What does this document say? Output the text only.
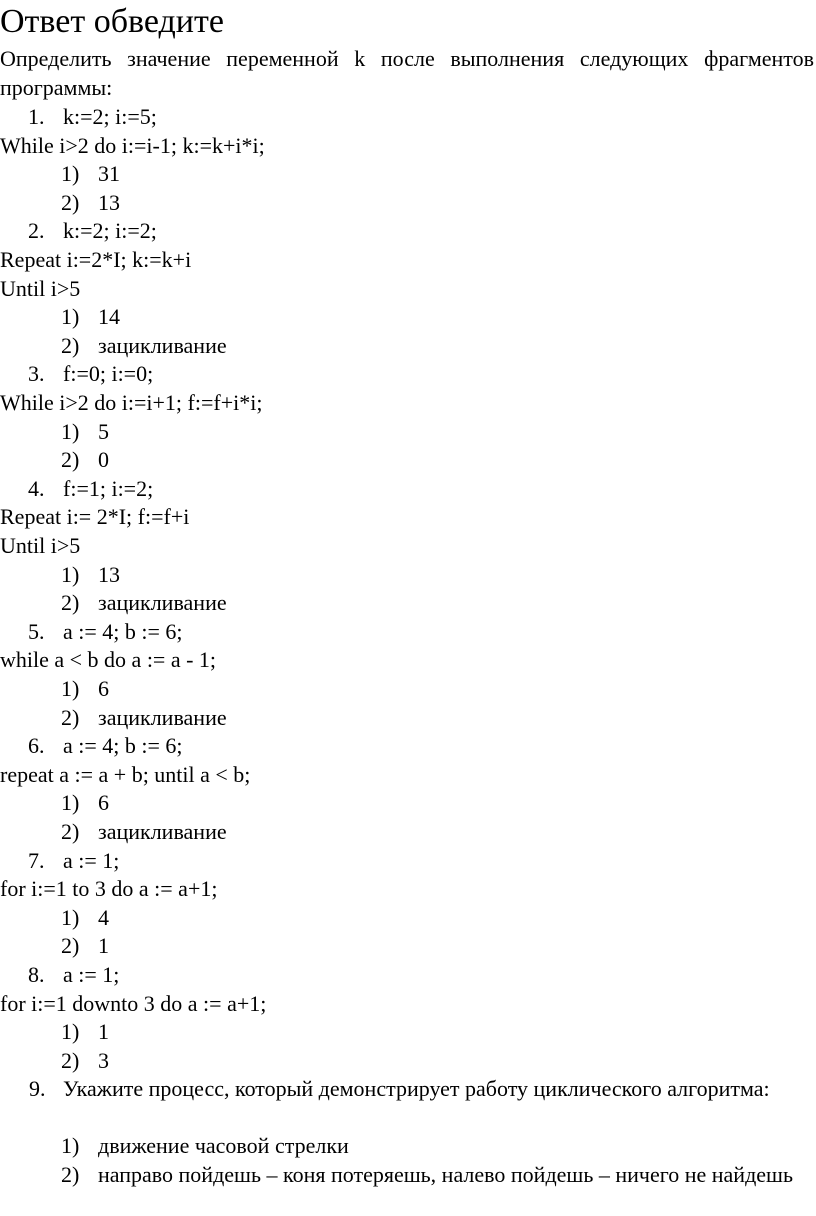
Ответ обведите
Определить значение переменной k после выполнения следующих фрагментов программы:
1. k:=2; i:=5;
While i>2 do i:=i-1; k:=k+i*i;
1) 31
2) 13
2. k:=2; i:=2;
Repeat i:=2*I; k:=k+i
Until i>5
1) 14
2) зацикливание
3. f:=0; i:=0;
While i>2 do i:=i+1; f:=f+i*i;
1) 5
2) 0
4. f:=1; i:=2;
Repeat i:= 2*I; f:=f+i
Until i>5
1) 13
2) зацикливание
5. a := 4; b := 6;
while a < b do a := a - 1;
1) 6
2) зацикливание
6. a := 4; b := 6;
repeat a := a + b; until a < b;
1) 6
2) зацикливание
7. a := 1;
for i:=1 to 3 do a := a+1;
1) 4
2) 1
8. a := 1;
for i:=1 downto 3 do a := a+1;
1) 1
2) 3
9. Укажите процесс, который демонстрирует работу циклического алгоритма:
1) движение часовой стрелки
2) направо пойдешь – коня потеряешь, налево пойдешь – ничего не найдешь
